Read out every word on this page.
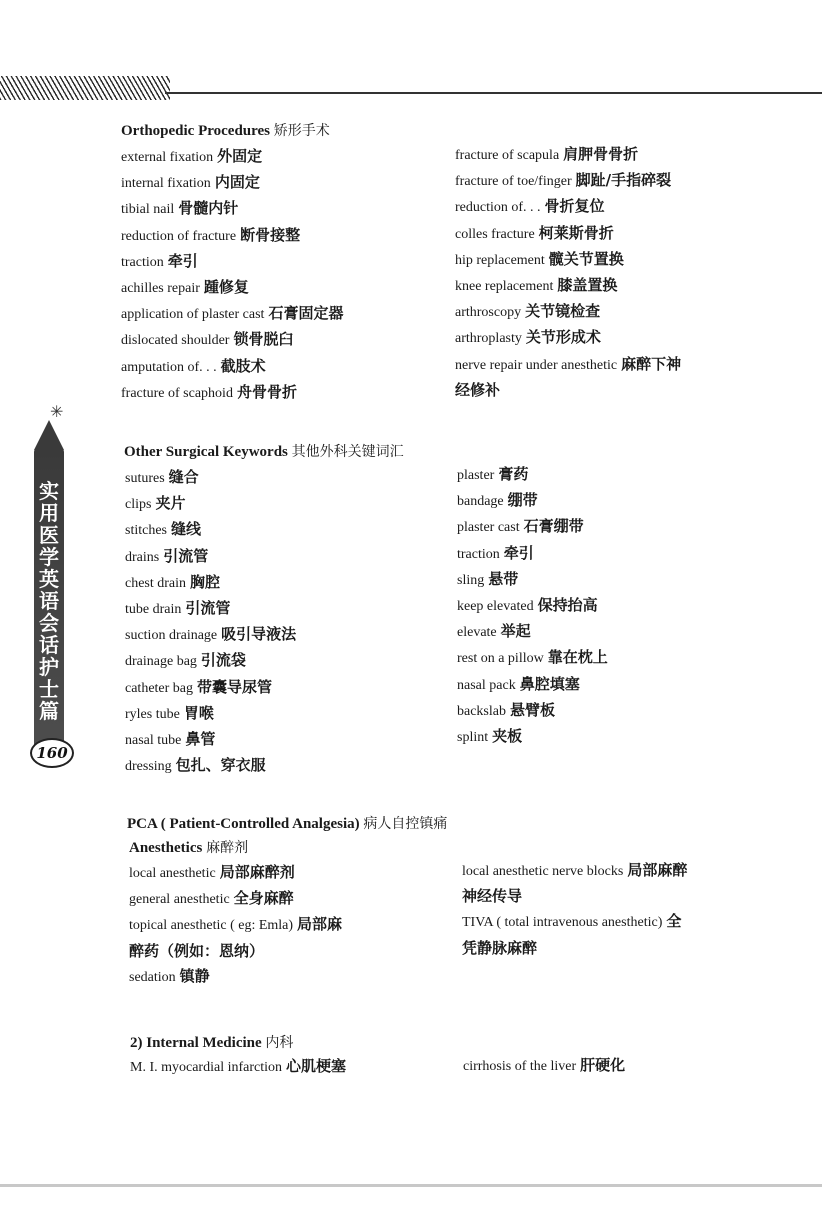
✳
实用医学英语会话 护士篇
160
Orthopedic Procedures 矫形手术
external fixation 外固定
internal fixation 内固定
tibial nail 骨髓内针
reduction of fracture 断骨接整
traction 牵引
achilles repair 踵修复
application of plaster cast 石膏固定器
dislocated shoulder 锁骨脱臼
amputation of. . . 截肢术
fracture of scaphoid 舟骨骨折
fracture of scapula 肩胛骨骨折
fracture of toe/finger 脚趾/手指碎裂
reduction of. . . 骨折复位
colles fracture 柯莱斯骨折
hip replacement 髋关节置换
knee replacement 膝盖置换
arthroscopy 关节镜检查
arthroplasty 关节形成术
nerve repair under anesthetic 麻醉下神
经修补
Other Surgical Keywords 其他外科关键词汇
sutures 缝合
clips 夹片
stitches 缝线
drains 引流管
chest drain 胸腔
tube drain 引流管
suction drainage 吸引导液法
drainage bag 引流袋
catheter bag 带囊导尿管
ryles tube 胃喉
nasal tube 鼻管
dressing 包扎、穿衣服
plaster 膏药
bandage 绷带
plaster cast 石膏绷带
traction 牵引
sling 悬带
keep elevated 保持抬高
elevate 举起
rest on a pillow 靠在枕上
nasal pack 鼻腔填塞
backslab 悬臂板
splint 夹板
PCA ( Patient-Controlled Analgesia) 病人自控镇痛
Anesthetics 麻醉剂
local anesthetic 局部麻醉剂
general anesthetic 全身麻醉
topical anesthetic ( eg: Emla) 局部麻
醉药（例如：恩纳）
sedation 镇静
local anesthetic nerve blocks 局部麻醉
神经传导
TIVA ( total intravenous anesthetic) 全
凭静脉麻醉
2) Internal Medicine 内科
M. I. myocardial infarction 心肌梗塞	cirrhosis of the liver 肝硬化
